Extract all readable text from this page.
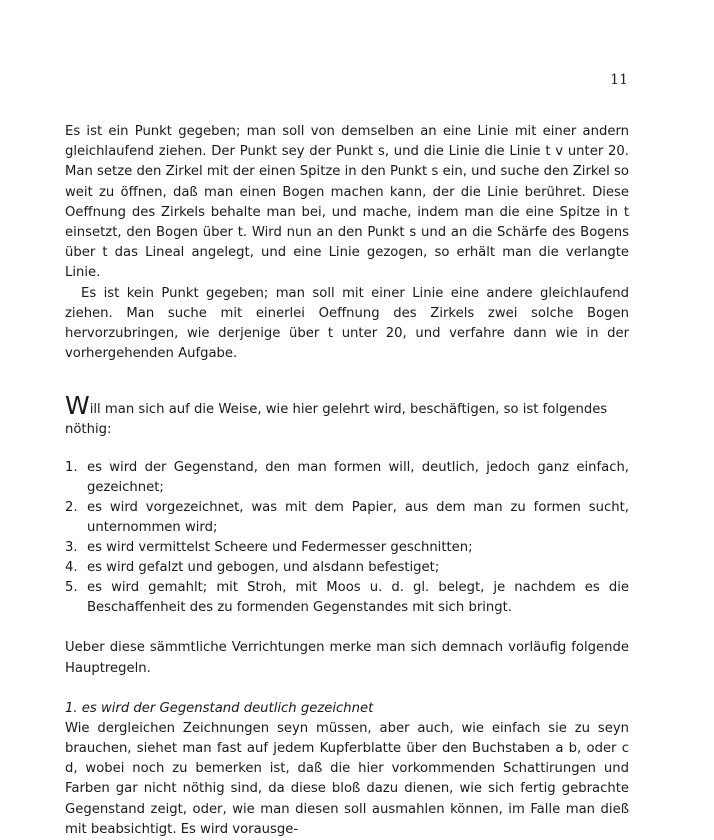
11

Es ist ein Punkt gegeben; man soll von demselben an eine Linie mit einer andern gleichlaufend ziehen. Der Punkt sey der Punkt s, und die Linie die Linie t v unter 20. Man setze den Zirkel mit der einen Spitze in den Punkt s ein, und suche den Zirkel so weit zu öffnen, daß man einen Bogen machen kann, der die Linie berühret. Diese Oeffnung des Zirkels behalte man bei, und mache, indem man die eine Spitze in t einsetzt, den Bogen über t. Wird nun an den Punkt s und an die Schärfe des Bogens über t das Lineal angelegt, und eine Linie gezogen, so erhält man die verlangte Linie.

Es ist kein Punkt gegeben; man soll mit einer Linie eine andere gleichlaufend ziehen. Man suche mit einerlei Oeffnung des Zirkels zwei solche Bogen hervorzubringen, wie derjenige über t unter 20, und verfahre dann wie in der vorhergehenden Aufgabe.

Will man sich auf die Weise, wie hier gelehrt wird, beschäftigen, so ist folgendes nöthig:

1. es wird der Gegenstand, den man formen will, deutlich, jedoch ganz einfach, gezeichnet;
2. es wird vorgezeichnet, was mit dem Papier, aus dem man zu formen sucht, unternommen wird;
3. es wird vermittelst Scheere und Federmesser geschnitten;
4. es wird gefalzt und gebogen, und alsdann befestiget;
5. es wird gemahlt; mit Stroh, mit Moos u. d. gl. belegt, je nachdem es die Beschaffenheit des zu formenden Gegenstandes mit sich bringt.

Ueber diese sämmtliche Verrichtungen merke man sich demnach vorläufig folgende Hauptregeln.

1. es wird der Gegenstand deutlich gezeichnet

Wie dergleichen Zeichnungen seyn müssen, aber auch, wie einfach sie zu seyn brauchen, siehet man fast auf jedem Kupferblatte über den Buchstaben a b, oder c d, wobei noch zu bemerken ist, daß die hier vorkommenden Schattirungen und Farben gar nicht nöthig sind, da diese bloß dazu dienen, wie sich fertig gebrachte Gegenstand zeigt, oder, wie man diesen soll ausmahlen können, im Falle man dieß mit beabsichtigt. Es wird vorausge-
